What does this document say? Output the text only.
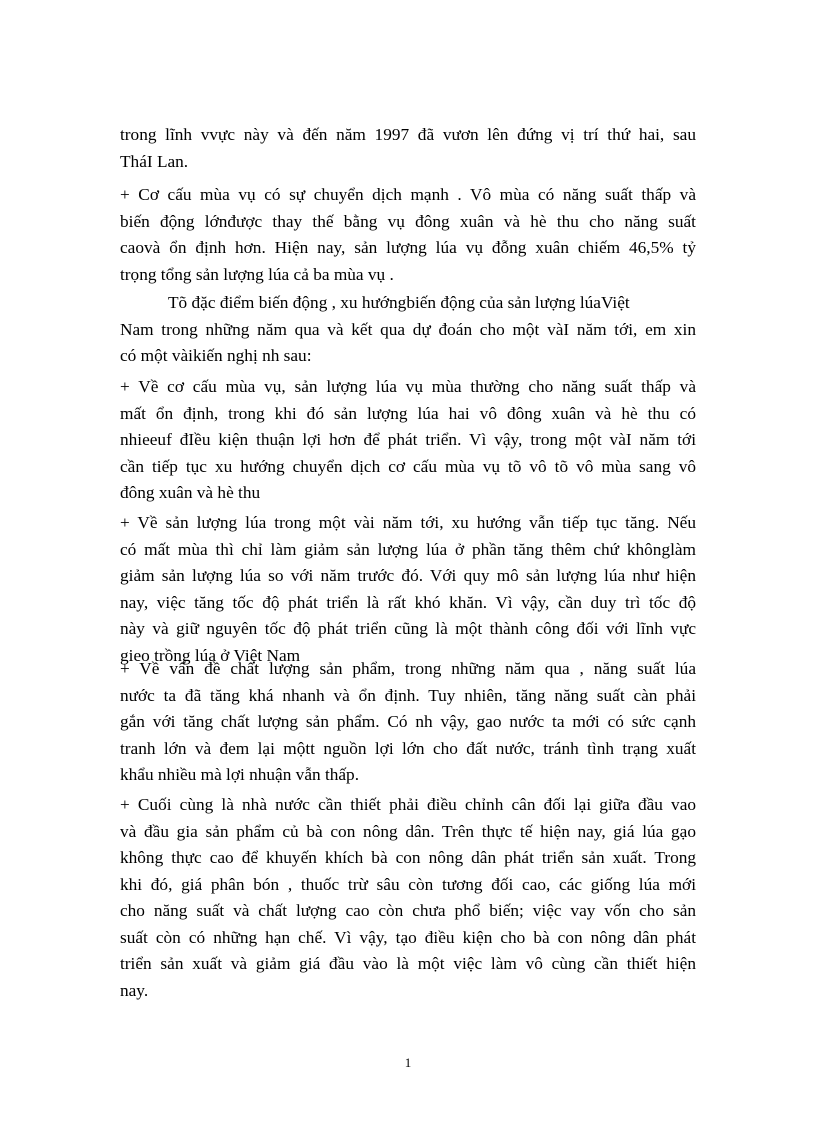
trong lĩnh vvực này và đến năm 1997 đã vươn lên đứng vị trí thứ hai, sau
TháI Lan.
+ Cơ cấu mùa vụ có sự chuyển dịch mạnh . Vô mùa có năng suất thấp và
biến động lớnđược thay thế bằng vụ đông xuân và hè thu cho năng suất
caovà ổn định hơn. Hiện nay, sản lượng lúa vụ đỗng xuân chiếm 46,5% tỷ
trọng tổng sản lượng lúa cả ba mùa vụ .
Tõ đặc điểm biến động , xu hướngbiến động của sản lượng lúaViệt
Nam trong những năm qua và kết qua dự đoán cho một vàI năm tới, em xin
có một vàikiến nghị nh sau:
+ Về cơ cấu mùa vụ, sản lượng lúa vụ mùa thường cho năng suất thấp và
mất ổn định, trong khi đó sản lượng lúa hai vô đông xuân và hè thu có
nhieeuf đIều kiện thuận lợi hơn để phát triển. Vì vậy, trong một vàI năm tới
cần tiếp tục xu hướng chuyển dịch cơ cấu mùa vụ tõ vô tõ vô mùa sang vô
đông xuân và hè thu
+ Về sản lượng lúa trong một vài năm tới, xu hướng vẫn tiếp tục tăng. Nếu
có mất mùa thì chỉ làm giảm sản lượng lúa ở phần tăng thêm chứ khônglàm
giảm sản lượng lúa so với năm trước đó. Với quy mô sản lượng lúa như hiện
nay, việc tăng tốc độ phát triển là rất khó khăn. Vì vậy, cần duy trì tốc độ
này và giữ nguyên tốc độ phát triển cũng là một thành công đối với lĩnh vực
gieo trồng lúa ở Việt Nam
+ Về vấn đề chất lượng sản phẩm, trong những năm qua , năng suất lúa
nước ta đã tăng khá nhanh và ổn định. Tuy nhiên, tăng năng suất càn phải
gắn với tăng chất lượng sản phẩm. Có nh vậy, gao nước ta mới có sức cạnh
tranh lớn và đem lại mộtt nguồn lợi lớn cho đất nước, tránh tình trạng xuất
khẩu nhiều mà lợi nhuận vẫn thấp.
+ Cuối cùng là nhà nước cần thiết phải điều chỉnh cân đối lại giữa đầu vao
và đầu gia sản phẩm củ bà con nông dân. Trên thực tế hiện nay, giá lúa gạo
không thực cao để khuyến khích bà con nông dân phát triển sản xuất. Trong
khi đó, giá phân bón , thuốc trừ sâu còn tương đối cao, các giống lúa mới
cho năng suất và chất lượng cao còn chưa phổ biến; việc vay vốn cho sản
suất còn có những hạn chế. Vì vậy, tạo điều kiện cho bà con nông dân phát
triển sản xuất và giảm giá đầu vào là một việc làm vô cùng cần thiết hiện
nay.
1
